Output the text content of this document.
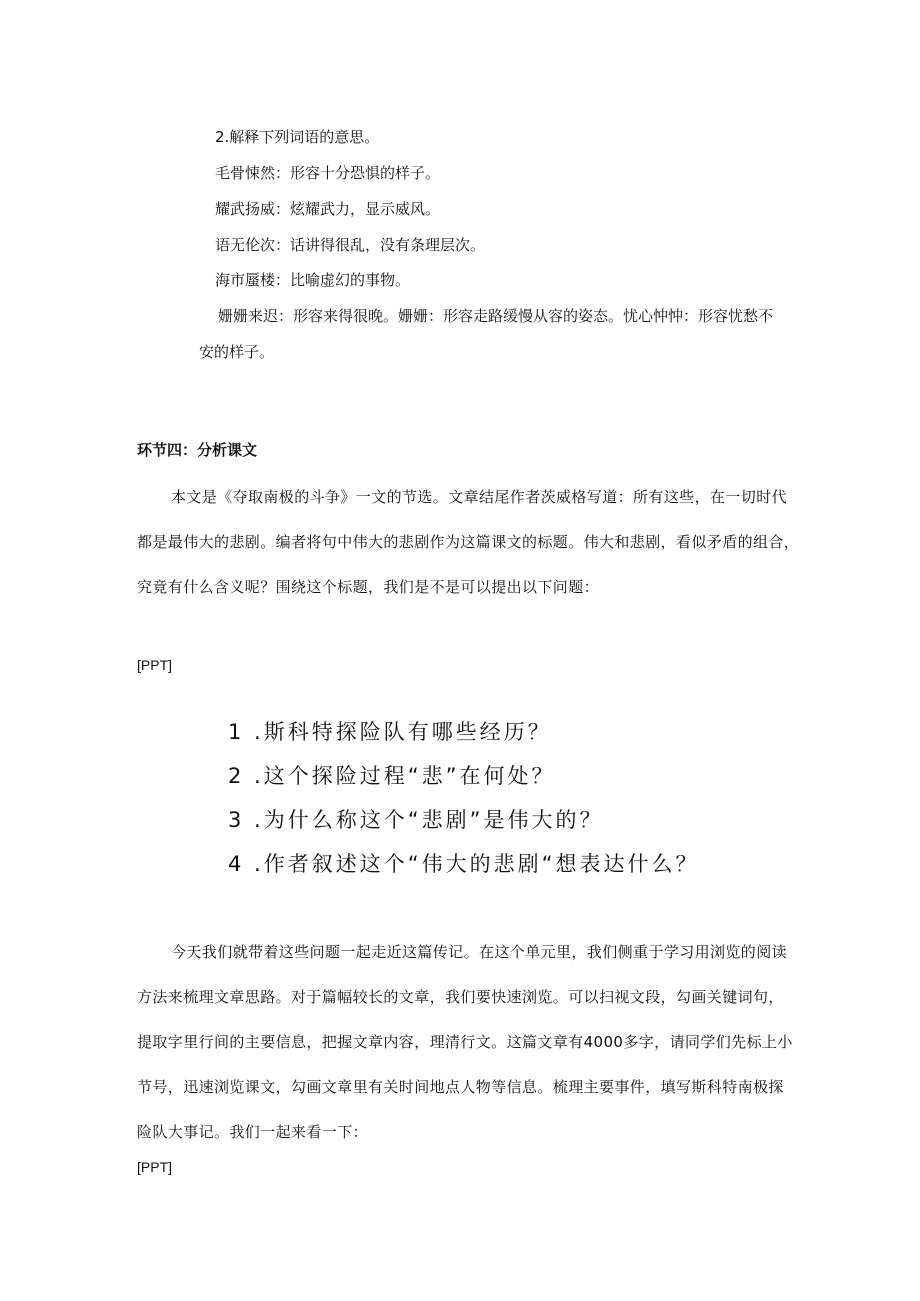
2.解释下列词语的意思。
毛骨悚然：形容十分恐惧的样子。
耀武扬威：炫耀武力，显示威风。
语无伦次：话讲得很乱，没有条理层次。
海市蜃楼：比喻虚幻的事物。
姗姗来迟：形容来得很晚。姗姗：形容走路缓慢从容的姿态。忧心忡忡：形容忧愁不
安的样子。
环节四：分析课文
本文是《夺取南极的斗争》一文的节选。文章结尾作者茨威格写道：所有这些，在一切时代
都是最伟大的悲剧。编者将句中伟大的悲剧作为这篇课文的标题。伟大和悲剧，看似矛盾的组合，
究竟有什么含义呢？围绕这个标题，我们是不是可以提出以下问题：
[PPT]
1 .斯科特探险队有哪些经历？
2 .这个探险过程“悲”在何处？
3 .为什么称这个“悲剧”是伟大的？
4 .作者叙述这个“伟大的悲剧“想表达什么？
今天我们就带着这些问题一起走近这篇传记。在这个单元里，我们侧重于学习用浏览的阅读
方法来梳理文章思路。对于篇幅较长的文章，我们要快速浏览。可以扫视文段，勾画关键词句，
提取字里行间的主要信息，把握文章内容，理清行文。这篇文章有4000多字，请同学们先标上小
节号，迅速浏览课文，勾画文章里有关时间地点人物等信息。梳理主要事件，填写斯科特南极探
险队大事记。我们一起来看一下：
[PPT]
